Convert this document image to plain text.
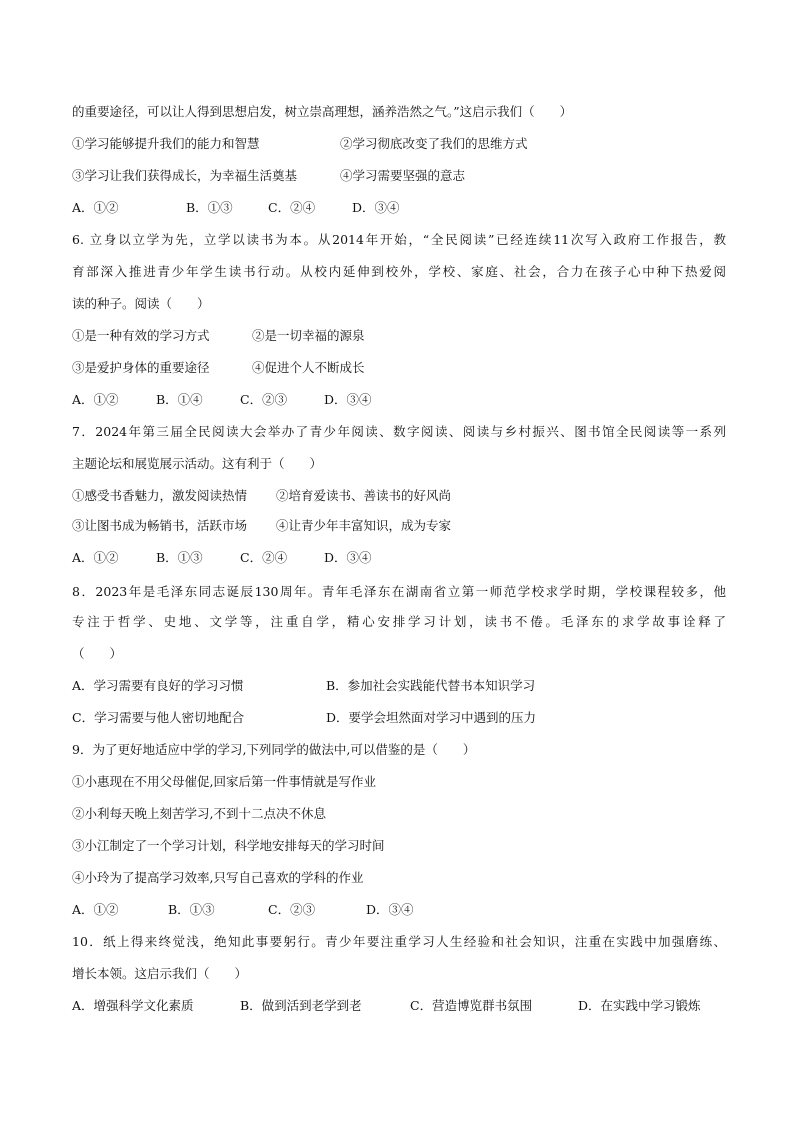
的重要途径，可以让人得到思想启发，树立崇高理想，涵养浩然之气。”这启示我们（　　）
①学习能够提升我们的能力和智慧	②学习彻底改变了我们的思维方式
③学习让我们获得成长，为幸福生活奠基	④学习需要坚强的意志
A．①②	B．①③	C．②④	D．③④
6. 立身以立学为先，立学以读书为本。从2014年开始，“全民阅读”已经连续11次写入政府工作报告，教
育部深入推进青少年学生读书行动。从校内延伸到校外，学校、家庭、社会，合力在孩子心中种下热爱阅
读的种子。阅读（　　）
①是一种有效的学习方式	②是一切幸福的源泉
③是爱护身体的重要途径	④促进个人不断成长
A．①②	B．①④	C．②③	D．③④
7．2024年第三届全民阅读大会举办了青少年阅读、数字阅读、阅读与乡村振兴、图书馆全民阅读等一系列
主题论坛和展览展示活动。这有利于（　　）
①感受书香魅力，激发阅读热情 ②培育爱读书、善读书的好风尚
③让图书成为畅销书，活跃市场 ④让青少年丰富知识，成为专家
A．①②	B．①③	C．②④	D．③④
8．2023年是毛泽东同志诞辰130周年。青年毛泽东在湖南省立第一师范学校求学时期，学校课程较多，他
专注于哲学、史地、文学等，注重自学，精心安排学习计划，读书不倦。毛泽东的求学故事诠释了
（　　）
A．学习需要有良好的学习习惯	B．参加社会实践能代替书本知识学习
C．学习需要与他人密切地配合	D．要学会坦然面对学习中遇到的压力
9．为了更好地适应中学的学习,下列同学的做法中,可以借鉴的是（　　）
①小惠现在不用父母催促,回家后第一件事情就是写作业
②小利每天晚上刻苦学习,不到十二点决不休息
③小江制定了一个学习计划，科学地安排每天的学习时间
④小玲为了提高学习效率,只写自己喜欢的学科的作业
A．①②	B．①③	C．②③	D．③④
10．纸上得来终觉浅，绝知此事要躬行。青少年要注重学习人生经验和社会知识，注重在实践中加强磨练、
增长本领。这启示我们（　　）
A．增强科学文化素质	B．做到活到老学到老	C．营造博览群书氛围	D．在实践中学习锻炼
